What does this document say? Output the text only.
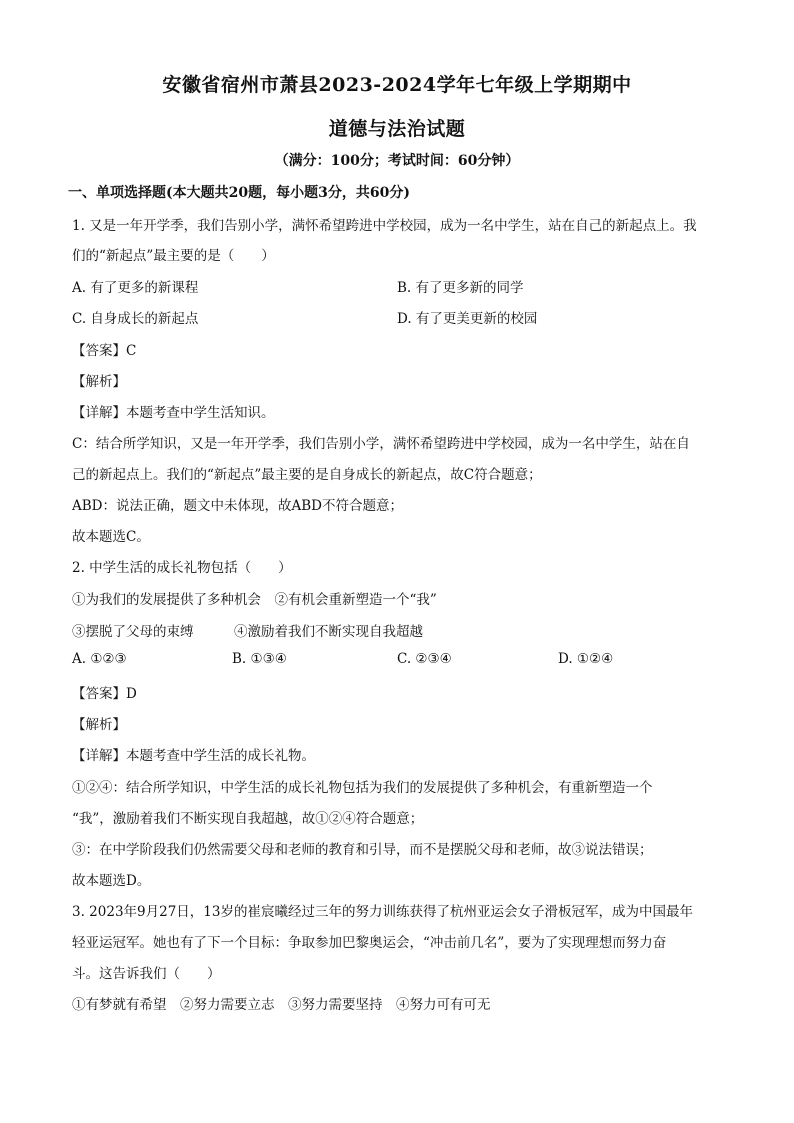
安徽省宿州市萧县2023-2024学年七年级上学期期中
道德与法治试题
（满分：100分；考试时间：60分钟）
一、单项选择题(本大题共20题，每小题3分，共60分)
1. 又是一年开学季，我们告别小学，满怀希望跨进中学校园，成为一名中学生，站在自己的新起点上。我
们的“新起点”最主要的是（　　）
A. 有了更多的新课程	B. 有了更多新的同学
C. 自身成长的新起点	D. 有了更美更新的校园
【答案】C
【解析】
【详解】本题考查中学生活知识。
C：结合所学知识，又是一年开学季，我们告别小学，满怀希望跨进中学校园，成为一名中学生，站在自
己的新起点上。我们的“新起点”最主要的是自身成长的新起点，故C符合题意；
ABD：说法正确，题文中未体现，故ABD不符合题意；
故本题选C。
2. 中学生活的成长礼物包括（　　）
①为我们的发展提供了多种机会　②有机会重新塑造一个“我”
③摆脱了父母的束缚　　　④激励着我们不断实现自我超越
A. ①②③	B. ①③④	C. ②③④	D. ①②④
【答案】D
【解析】
【详解】本题考查中学生活的成长礼物。
①②④：结合所学知识，中学生活的成长礼物包括为我们的发展提供了多种机会，有重新塑造一个
“我”，激励着我们不断实现自我超越，故①②④符合题意；
③：在中学阶段我们仍然需要父母和老师的教育和引导，而不是摆脱父母和老师，故③说法错误；
故本题选D。
3. 2023年9月27日，13岁的崔宸曦经过三年的努力训练获得了杭州亚运会女子滑板冠军，成为中国最年
轻亚运冠军。她也有了下一个目标：争取参加巴黎奥运会，“冲击前几名”，要为了实现理想而努力奋
斗。这告诉我们（　　）
①有梦就有希望　②努力需要立志　③努力需要坚持　④努力可有可无
